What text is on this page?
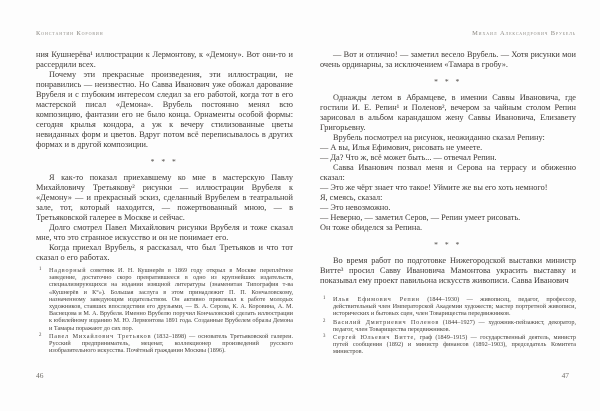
Константин Коровин

ния Кушнерёва¹ иллюстрации к Лермонтову, к «Демону». Вот они-то и рассердили всех.

Почему эти прекрасные произведения, эти иллюстрации, не понравились — неизвестно. Но Савва Иванович уже обожал дарование Врубеля и с глубоким интересом следил за его работой, когда тот в его мастерской писал «Демона». Врубель постоянно менял всю композицию, фантазии его не было конца. Орнаменты особой формы: сегодня крылья кондора, а уж к вечеру стилизованные цветы невиданных форм и цветов. Вдруг потом всё переписывалось в других формах и в другой композиции.

* * *

Я как-то показал приехавшему ко мне в мастерскую Павлу Михайловичу Третьякову² рисунки — иллюстрации Врубеля к «Демону» — и прекрасный эскиз, сделанный Врубелем в театральной зале, тот, который находится, — пожертвованный мною, — в Третьяковской галерее в Москве и сейчас.

Долго смотрел Павел Михайлович рисунки Врубеля и тоже сказал мне, что это странное искусство и он не понимает его.

Когда приехал Врубель, я рассказал, что был Третьяков и что тот сказал о его работах.

1 Надворный советник И. Н. Кушнерёв в 1869 году открыл в Москве переплётное заведение, достаточно скоро превратившееся в одно из крупнейших издательств, специализирующихся на издании изящной литературы (знаменитая Типография т-ва «Кушнерёв и К°»). Большая заслуга в этом принадлежит П. П. Кончаловскому, назначенному заведующим издательством. Он активно привлекал к работе молодых художников, ставших впоследствии его друзьями, — В. А. Серова, К. А. Коровина, А. М. Васнецова и М. А. Врубеля. Именно Врубелю поручил Кончаловский сделать иллюстрации к юбилейному изданию М. Ю. Лермонтова 1891 года. Созданные Врубелем образы Демона и Тамары поражают до сих пор.
2 Павел Михайлович Третьяков (1832–1898) — основатель Третьяковской галереи. Русский предприниматель, меценат, коллекционер произведений русского изобразительного искусства. Почётный гражданин Москвы (1896).
46
Михаил Александрович Врубель

— Вот и отлично! — заметил весело Врубель. — Хотя рисунки мои очень ординарны, за исключением «Тамара в гробу».

* * *

Однажды летом в Абрамцеве, в имении Саввы Ивановича, где гостили И. Е. Репин¹ и Поленов², вечером за чайным столом Репин зарисовал в альбом карандашом жену Саввы Ивановича, Елизавету Григорьевну.

Врубель посмотрел на рисунок, неожиданно сказал Репину:

— А вы, Илья Ефимович, рисовать не умеете.

— Да? Что ж, всё может быть... — отвечал Репин.

Савва Иванович позвал меня и Серова на террасу и обиженно сказал:

— Это же чёрт знает что такое! Уймите же вы его хоть немного!

Я, смеясь, сказал:

— Это невозможно.

— Неверно, — заметил Серов, — Репин умеет рисовать.

Он тоже обиделся за Репина.

* * *

Во время работ по подготовке Нижегородской выставки министр Витте³ просил Савву Ивановича Мамонтова украсить выставку и показывал ему проект павильона искусств живописи. Савва Иванович

1 Илья Ефимович Репин (1844–1930) — живописец, педагог, профессор, действительный член Императорской Академии художеств; мастер портретной живописи, исторических и бытовых сцен, член Товарищества передвижников.
2 Василий Дмитриевич Поленов (1844–1927) — художник-пейзажист, декоратор, педагог, член Товарищества передвижников.
3 Сергей Юльевич Витте, граф (1849–1915) — государственный деятель, министр путей сообщения (1892) и министр финансов (1892–1903), председатель Комитета министров.
47
